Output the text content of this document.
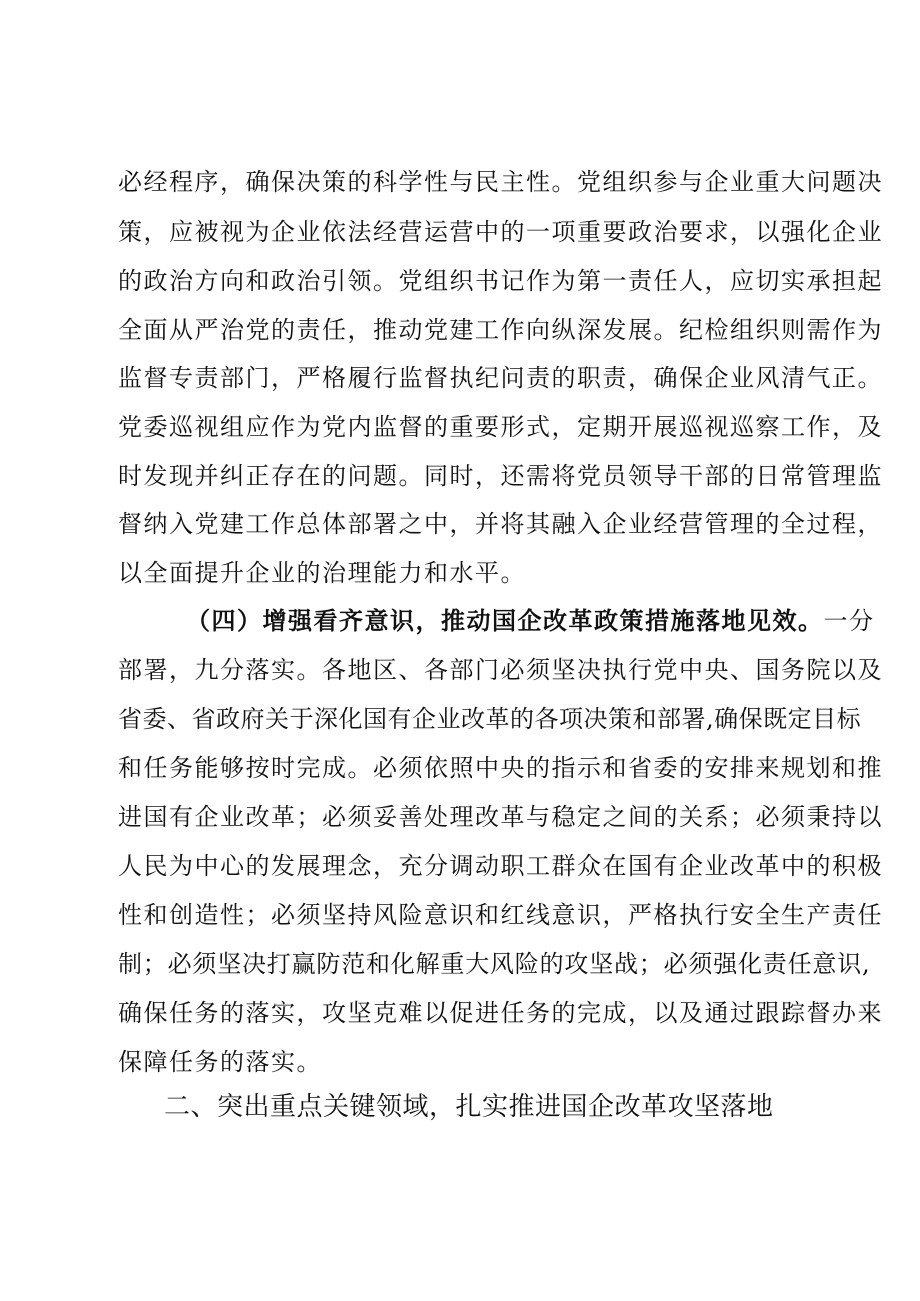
必经程序，确保决策的科学性与民主性。党组织参与企业重大问题决
策，应被视为企业依法经营运营中的一项重要政治要求，以强化企业
的政治方向和政治引领。党组织书记作为第一责任人，应切实承担起
全面从严治党的责任，推动党建工作向纵深发展。纪检组织则需作为
监督专责部门，严格履行监督执纪问责的职责，确保企业风清气正。
党委巡视组应作为党内监督的重要形式，定期开展巡视巡察工作，及
时发现并纠正存在的问题。同时，还需将党员领导干部的日常管理监
督纳入党建工作总体部署之中，并将其融入企业经营管理的全过程，
以全面提升企业的治理能力和水平。
（四）增强看齐意识，推动国企改革政策措施落地见效。 一分
部署，九分落实。各地区、各部门必须坚决执行党中央、国务院以及
省委、省政府关于深化国有企业改革的各项决策和部署,确保既定目标
和任务能够按时完成。必须依照中央的指示和省委的安排来规划和推
进国有企业改革；必须妥善处理改革与稳定之间的关系；必须秉持以
人民为中心的发展理念，充分调动职工群众在国有企业改革中的积极
性和创造性；必须坚持风险意识和红线意识，严格执行安全生产责任
制；必须坚决打赢防范和化解重大风险的攻坚战；必须强化责任意识,
确保任务的落实，攻坚克难以促进任务的完成，以及通过跟踪督办来
保障任务的落实。
二、突出重点关键领域，扎实推进国企改革攻坚落地
